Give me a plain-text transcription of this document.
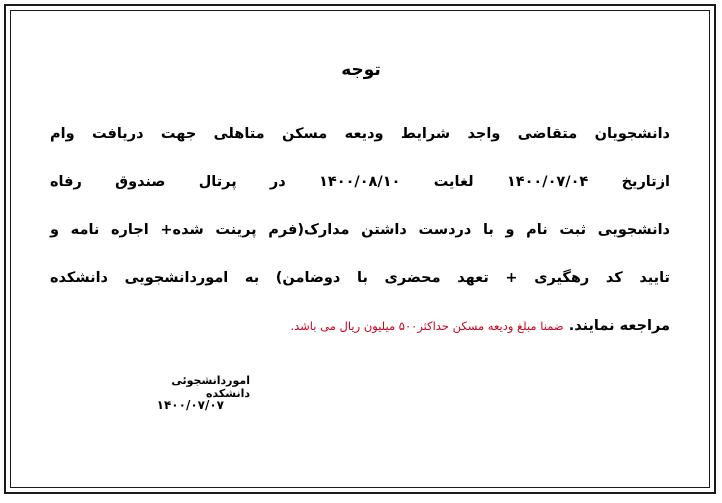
توجه
دانشجویان متقاضی واجد شرایط ودیعه مسکن متاهلی جهت دریافت وام
ازتاریخ ۱۴۰۰/۰۷/۰۴ لغایت ۱۴۰۰/۰۸/۱۰ در پرتال صندوق رفاه
دانشجویی ثبت نام و با دردست داشتن مدارک(فرم پرینت شده+ اجاره نامه و
تایید کد رهگیری + تعهد محضری با دوضامن) به اموردانشجویی دانشکده
مراجعه نمایند. ضمنا مبلغ ودیعه مسکن حداکثر۵۰۰ میلیون ریال می باشد.
اموردانشجوئی دانشکده
۱۴۰۰/۰۷/۰۷
